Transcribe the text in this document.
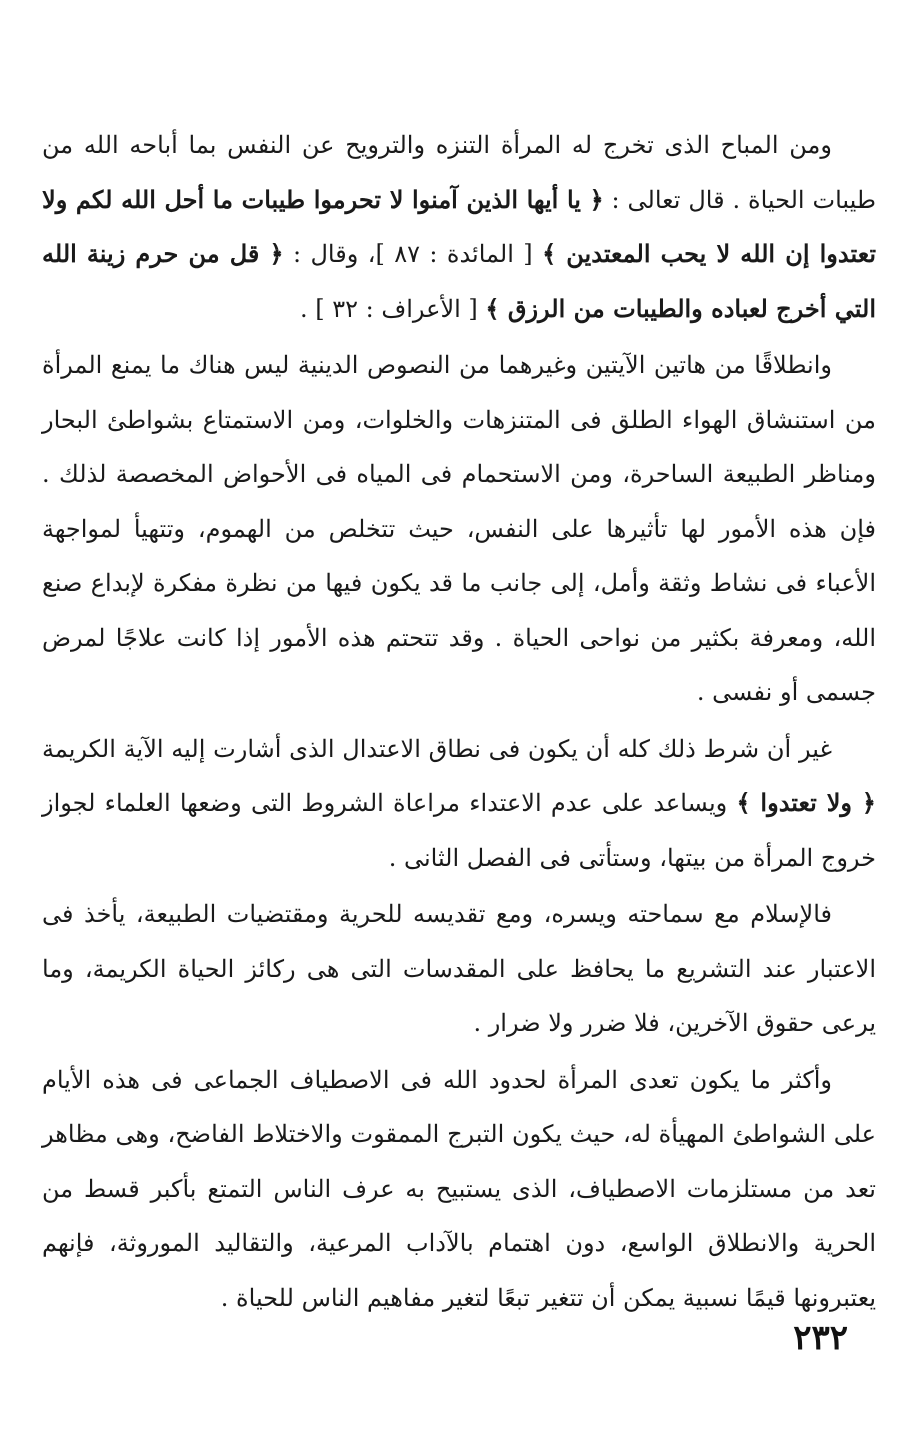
ومن المباح الذى تخرج له المرأة التنزه والترويح عن النفس بما أباحه الله من طيبات الحياة . قال تعالى : ﴿ يا أيها الذين آمنوا لا تحرموا طيبات ما أحل الله لكم ولا تعتدوا إن الله لا يحب المعتدين ﴾ [ المائدة : ٨٧ ]، وقال : ﴿ قل من حرم زينة الله التي أخرج لعباده والطيبات من الرزق ﴾ [ الأعراف : ٣٢ ] .

وانطلاقًا من هاتين الآيتين وغيرهما من النصوص الدينية ليس هناك ما يمنع المرأة من استنشاق الهواء الطلق فى المتنزهات والخلوات، ومن الاستمتاع بشواطئ البحار ومناظر الطبيعة الساحرة، ومن الاستحمام فى المياه فى الأحواض المخصصة لذلك . فإن هذه الأمور لها تأثيرها على النفس، حيث تتخلص من الهموم، وتتهيأ لمواجهة الأعباء فى نشاط وثقة وأمل، إلى جانب ما قد يكون فيها من نظرة مفكرة لإبداع صنع الله، ومعرفة بكثير من نواحى الحياة . وقد تتحتم هذه الأمور إذا كانت علاجًا لمرض جسمى أو نفسى .

غير أن شرط ذلك كله أن يكون فى نطاق الاعتدال الذى أشارت إليه الآية الكريمة ﴿ ولا تعتدوا ﴾ ويساعد على عدم الاعتداء مراعاة الشروط التى وضعها العلماء لجواز خروج المرأة من بيتها، وستأتى فى الفصل الثانى .

فالإسلام مع سماحته ويسره، ومع تقديسه للحرية ومقتضيات الطبيعة، يأخذ فى الاعتبار عند التشريع ما يحافظ على المقدسات التى هى ركائز الحياة الكريمة، وما يرعى حقوق الآخرين، فلا ضرر ولا ضرار .

وأكثر ما يكون تعدى المرأة لحدود الله فى الاصطياف الجماعى فى هذه الأيام على الشواطئ المهيأة له، حيث يكون التبرج الممقوت والاختلاط الفاضح، وهى مظاهر تعد من مستلزمات الاصطياف، الذى يستبيح به عرف الناس التمتع بأكبر قسط من الحرية والانطلاق الواسع، دون اهتمام بالآداب المرعية، والتقاليد الموروثة، فإنهم يعتبرونها قيمًا نسبية يمكن أن تتغير تبعًا لتغير مفاهيم الناس للحياة .

٢٣٢
